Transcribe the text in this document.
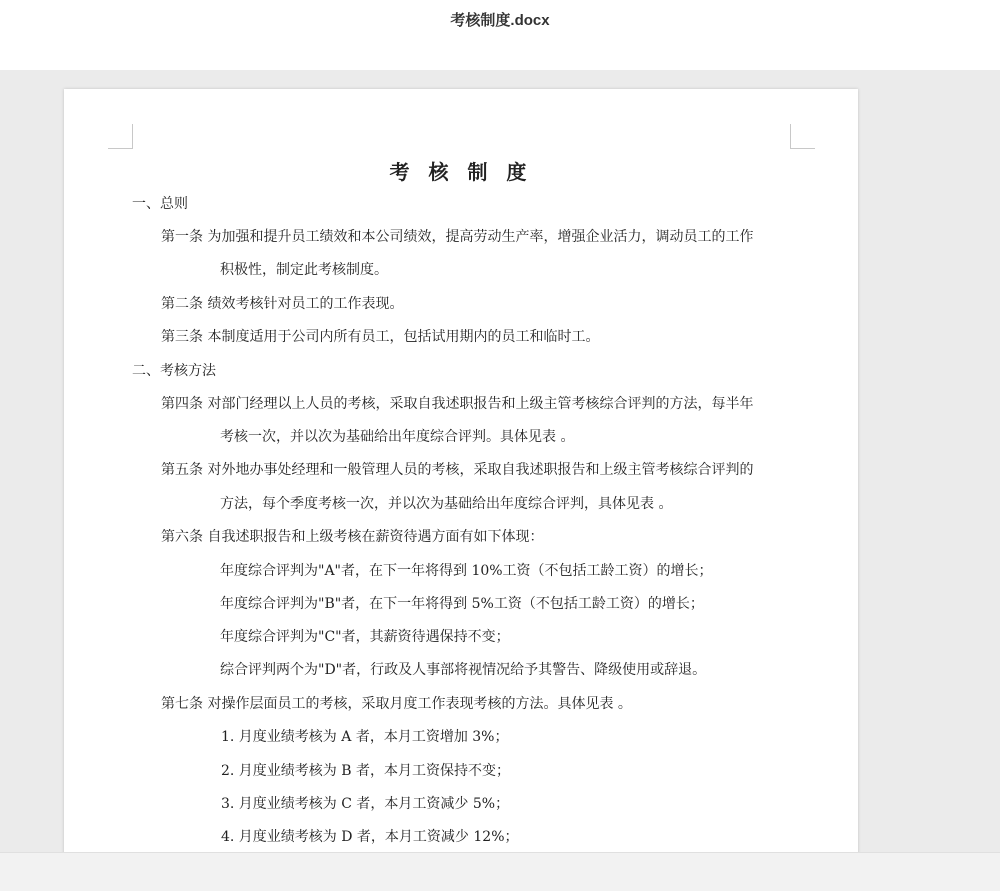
考核制度.docx
考 核 制 度
一、总则
第一条 为加强和提升员工绩效和本公司绩效，提高劳动生产率，增强企业活力，调动员工的工作
积极性，制定此考核制度。
第二条 绩效考核针对员工的工作表现。
第三条 本制度适用于公司内所有员工，包括试用期内的员工和临时工。
二、考核方法
第四条 对部门经理以上人员的考核，采取自我述职报告和上级主管考核综合评判的方法，每半年
考核一次，并以次为基础给出年度综合评判。具体见表 。
第五条 对外地办事处经理和一般管理人员的考核，采取自我述职报告和上级主管考核综合评判的
方法，每个季度考核一次，并以次为基础给出年度综合评判，具体见表 。
第六条 自我述职报告和上级考核在薪资待遇方面有如下体现：
年度综合评判为"A"者，在下一年将得到 10%工资（不包括工龄工资）的增长；
年度综合评判为"B"者，在下一年将得到 5%工资（不包括工龄工资）的增长；
年度综合评判为"C"者，其薪资待遇保持不变；
综合评判两个为"D"者，行政及人事部将视情况给予其警告、降级使用或辞退。
第七条 对操作层面员工的考核，采取月度工作表现考核的方法。具体见表 。
1. 月度业绩考核为 A 者，本月工资增加 3%；
2. 月度业绩考核为 B 者，本月工资保持不变；
3. 月度业绩考核为 C 者，本月工资减少 5%；
4. 月度业绩考核为 D 者，本月工资减少 12%；
